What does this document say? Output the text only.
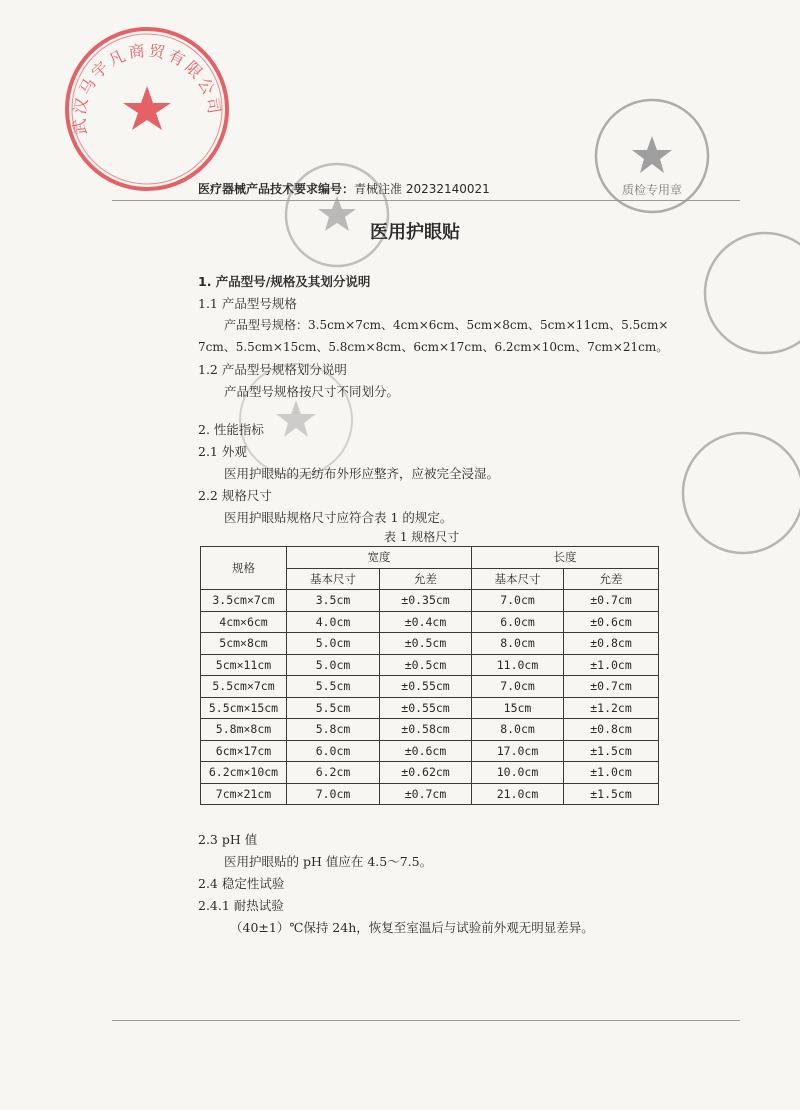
武汉马宇凡商贸有限公司
质检专用章
医疗器械产品技术要求编号：青械注准 20232140021
医用护眼贴
1. 产品型号/规格及其划分说明
1.1 产品型号规格
产品型号规格：3.5cm×7cm、4cm×6cm、5cm×8cm、5cm×11cm、5.5cm×
7cm、5.5cm×15cm、5.8cm×8cm、6cm×17cm、6.2cm×10cm、7cm×21cm。
1.2 产品型号规格划分说明
产品型号规格按尺寸不同划分。
2. 性能指标
2.1 外观
医用护眼贴的无纺布外形应整齐，应被完全浸湿。
2.2 规格尺寸
医用护眼贴规格尺寸应符合表 1 的规定。
表 1 规格尺寸
规格	宽度		长度	
	基本尺寸	允差	基本尺寸	允差
3.5cm×7cm	3.5cm	±0.35cm	7.0cm	±0.7cm
4cm×6cm	4.0cm	±0.4cm	6.0cm	±0.6cm
5cm×8cm	5.0cm	±0.5cm	8.0cm	±0.8cm
5cm×11cm	5.0cm	±0.5cm	11.0cm	±1.0cm
5.5cm×7cm	5.5cm	±0.55cm	7.0cm	±0.7cm
5.5cm×15cm	5.5cm	±0.55cm	15cm	±1.2cm
5.8m×8cm	5.8cm	±0.58cm	8.0cm	±0.8cm
6cm×17cm	6.0cm	±0.6cm	17.0cm	±1.5cm
6.2cm×10cm	6.2cm	±0.62cm	10.0cm	±1.0cm
7cm×21cm	7.0cm	±0.7cm	21.0cm	±1.5cm
2.3 pH 值
医用护眼贴的 pH 值应在 4.5～7.5。
2.4 稳定性试验
2.4.1 耐热试验
（40±1）℃保持 24h，恢复至室温后与试验前外观无明显差异。
